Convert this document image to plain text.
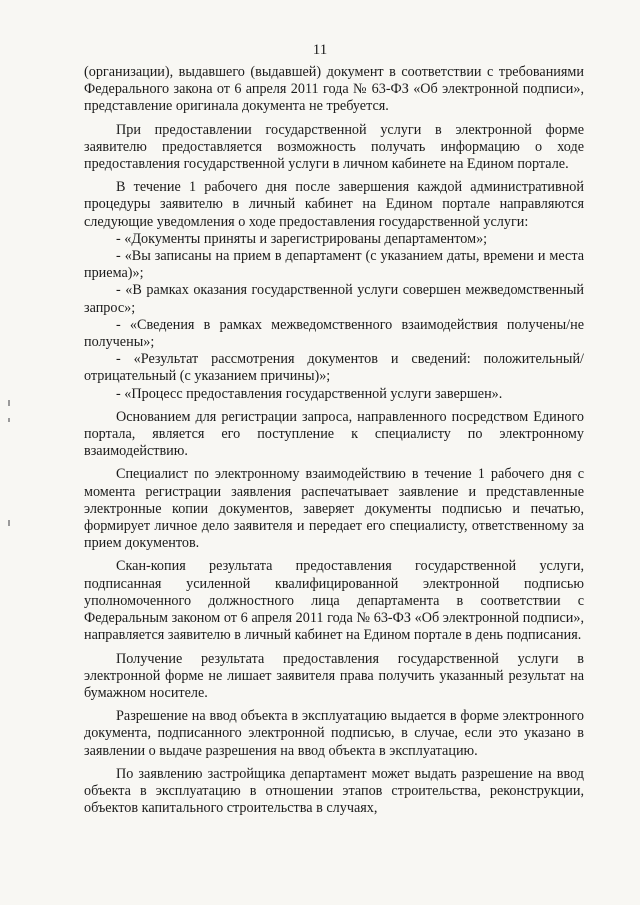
11

(организации), выдавшего (выдавшей) документ в соответствии с требованиями Федерального закона от 6 апреля 2011 года № 63-ФЗ «Об электронной подписи», представление оригинала документа не требуется.

При предоставлении государственной услуги в электронной форме заявителю предоставляется возможность получать информацию о ходе предоставления государственной услуги в личном кабинете на Едином портале.

В течение 1 рабочего дня после завершения каждой административной процедуры заявителю в личный кабинет на Едином портале направляются следующие уведомления о ходе предоставления государственной услуги:

- «Документы приняты и зарегистрированы департаментом»;

- «Вы записаны на прием в департамент (с указанием даты, времени и места приема)»;

- «В рамках оказания государственной услуги совершен межведомственный запрос»;

- «Сведения в рамках межведомственного взаимодействия получены/не получены»;

- «Результат рассмотрения документов и сведений: положительный/отрицательный (с указанием причины)»;

- «Процесс предоставления государственной услуги завершен».

Основанием для регистрации запроса, направленного посредством Единого портала, является его поступление к специалисту по электронному взаимодействию.

Специалист по электронному взаимодействию в течение 1 рабочего дня с момента регистрации заявления распечатывает заявление и представленные электронные копии документов, заверяет документы подписью и печатью, формирует личное дело заявителя и передает его специалисту, ответственному за прием документов.

Скан-копия результата предоставления государственной услуги, подписанная усиленной квалифицированной электронной подписью уполномоченного должностного лица департамента в соответствии с Федеральным законом от 6 апреля 2011 года № 63-ФЗ «Об электронной подписи», направляется заявителю в личный кабинет на Едином портале в день подписания.

Получение результата предоставления государственной услуги в электронной форме не лишает заявителя права получить указанный результат на бумажном носителе.

Разрешение на ввод объекта в эксплуатацию выдается в форме электронного документа, подписанного электронной подписью, в случае, если это указано в заявлении о выдаче разрешения на ввод объекта в эксплуатацию.

По заявлению застройщика департамент может выдать разрешение на ввод объекта в эксплуатацию в отношении этапов строительства, реконструкции, объектов капитального строительства в случаях,
